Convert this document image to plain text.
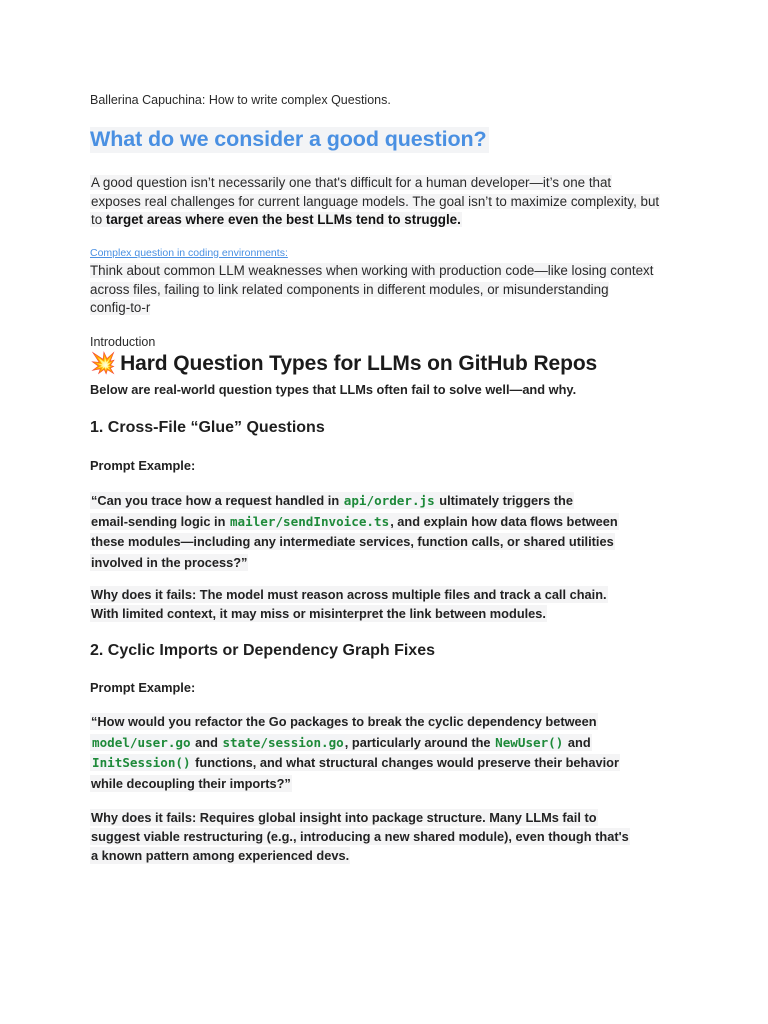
Ballerina Capuchina: How to write complex Questions.
What do we consider a good question?
A good question isn’t necessarily one that's difficult for a human developer—it’s one that
exposes real challenges for current language models. The goal isn’t to maximize complexity, but
to target areas where even the best LLMs tend to struggle.
Complex question in coding environments:
Think about common LLM weaknesses when working with production code—like losing context
across files, failing to link related components in different modules, or misunderstanding
config-to-r
Introduction
💥 Hard Question Types for LLMs on GitHub Repos
Below are real-world question types that LLMs often fail to solve well—and why.
1. Cross-File “Glue” Questions
Prompt Example:
“Can you trace how a request handled in api/order.js ultimately triggers the
email-sending logic in mailer/sendInvoice.ts, and explain how data flows between
these modules—including any intermediate services, function calls, or shared utilities
involved in the process?”
Why does it fails: The model must reason across multiple files and track a call chain.
With limited context, it may miss or misinterpret the link between modules.
2. Cyclic Imports or Dependency Graph Fixes
Prompt Example:
“How would you refactor the Go packages to break the cyclic dependency between
model/user.go and state/session.go, particularly around the NewUser() and
InitSession() functions, and what structural changes would preserve their behavior
while decoupling their imports?”
Why does it fails: Requires global insight into package structure. Many LLMs fail to
suggest viable restructuring (e.g., introducing a new shared module), even though that's
a known pattern among experienced devs.
